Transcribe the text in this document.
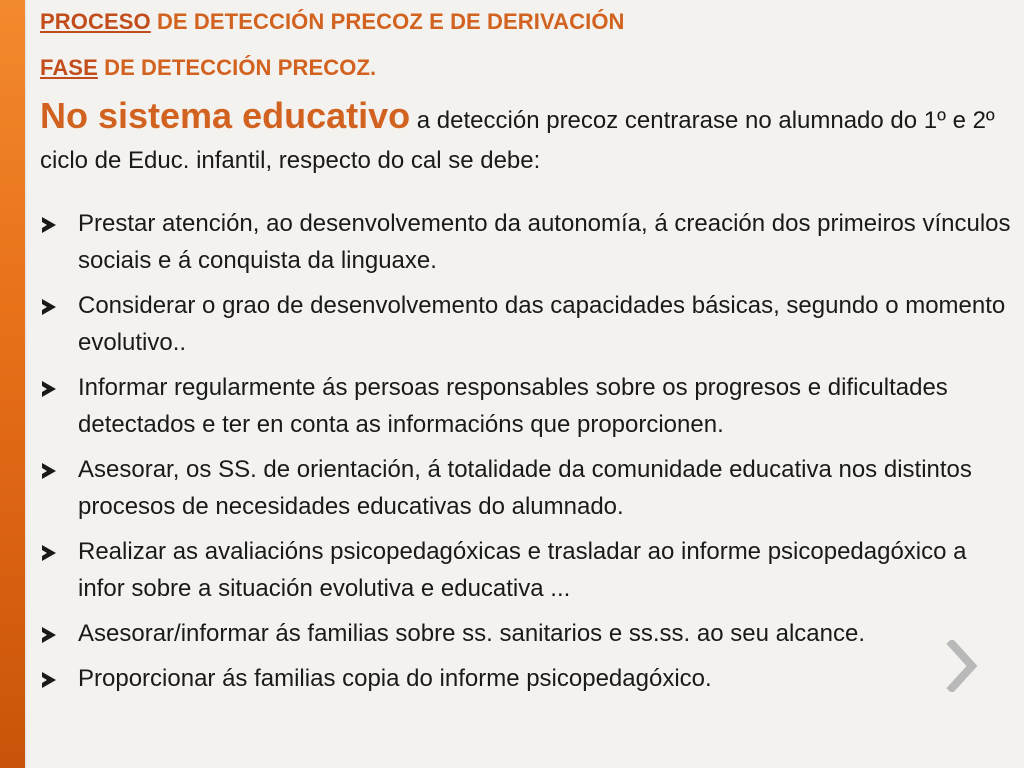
PROCESO DE DETECCIÓN PRECOZ E DE DERIVACIÓN
FASE DE DETECCIÓN PRECOZ.

No sistema educativo a detección precoz centrarase no alumnado do 1º e 2º ciclo de Educ. infantil, respecto do cal se debe:

Prestar atención, ao desenvolvemento da autonomía, á creación dos primeiros vínculos sociais e á conquista da linguaxe.
Considerar o grao de desenvolvemento das capacidades básicas, segundo o momento evolutivo..
Informar regularmente ás persoas responsables sobre os progresos e dificultades detectados e ter en conta as informacións que proporcionen.
Asesorar, os SS. de orientación, á totalidade da comunidade educativa nos distintos procesos de necesidades educativas do alumnado.
Realizar as avaliacións psicopedagóxicas e trasladar ao informe psicopedagóxico a infor sobre a situación evolutiva e educativa ...
Asesorar/informar ás familias sobre ss. sanitarios e ss.ss. ao seu alcance.
Proporcionar ás familias copia do informe psicopedagóxico.
